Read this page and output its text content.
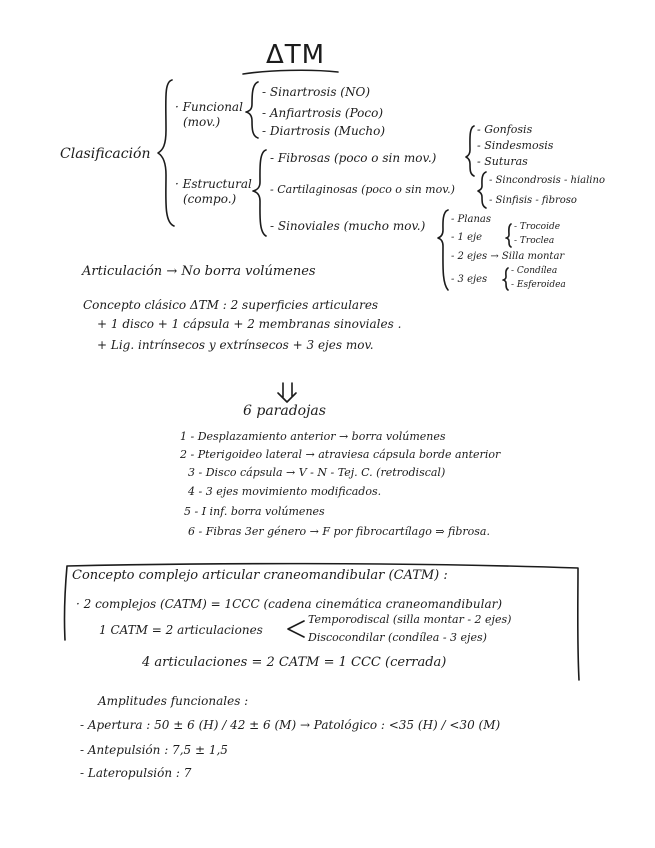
ΔTM
Clasificación
· Funcional
(mov.)
- Sinartrosis (NO)
- Anfiartrosis (Poco)
- Diartrosis (Mucho)
· Estructural
(compo.)
- Fibrosas (poco o sin mov.)
- Gonfosis
- Sindesmosis
- Suturas
- Cartilaginosas (poco o sin mov.)
- Sincondrosis - hialino
- Sinfisis - fibroso
- Sinoviales (mucho mov.)	- Planas
- 1 eje
- Trocoide
- Troclea
- 2 ejes → Silla montar
- 3 ejes
- Condílea
- Esferoidea
Articulación → No borra volúmenes
Concepto clásico ΔTM : 2 superficies articulares
+ 1 disco + 1 cápsula + 2 membranas sinoviales .
+ Lig. intrínsecos y extrínsecos + 3 ejes mov.
6 paradojas
1 - Desplazamiento anterior → borra volúmenes
2 - Pterigoideo lateral → atraviesa cápsula borde anterior
3 - Disco cápsula → V - N - Tej. C. (retrodiscal)
4 - 3 ejes movimiento modificados.
5 - I inf. borra volúmenes
6 - Fibras 3er género → F por fibrocartílago ⇒ fibrosa.
Concepto complejo articular craneomandibular (CATM) :
· 2 complejos (CATM) = 1CCC (cadena cinemática craneomandibular)
1 CATM = 2 articulaciones
Temporodiscal (silla montar - 2 ejes)
Discocondilar (condílea - 3 ejes)
4 articulaciones = 2 CATM = 1 CCC (cerrada)
Amplitudes funcionales :
- Apertura : 50 ± 6 (H) / 42 ± 6 (M) → Patológico : <35 (H) / <30 (M)
- Antepulsión : 7,5 ± 1,5
- Lateropulsión : 7
